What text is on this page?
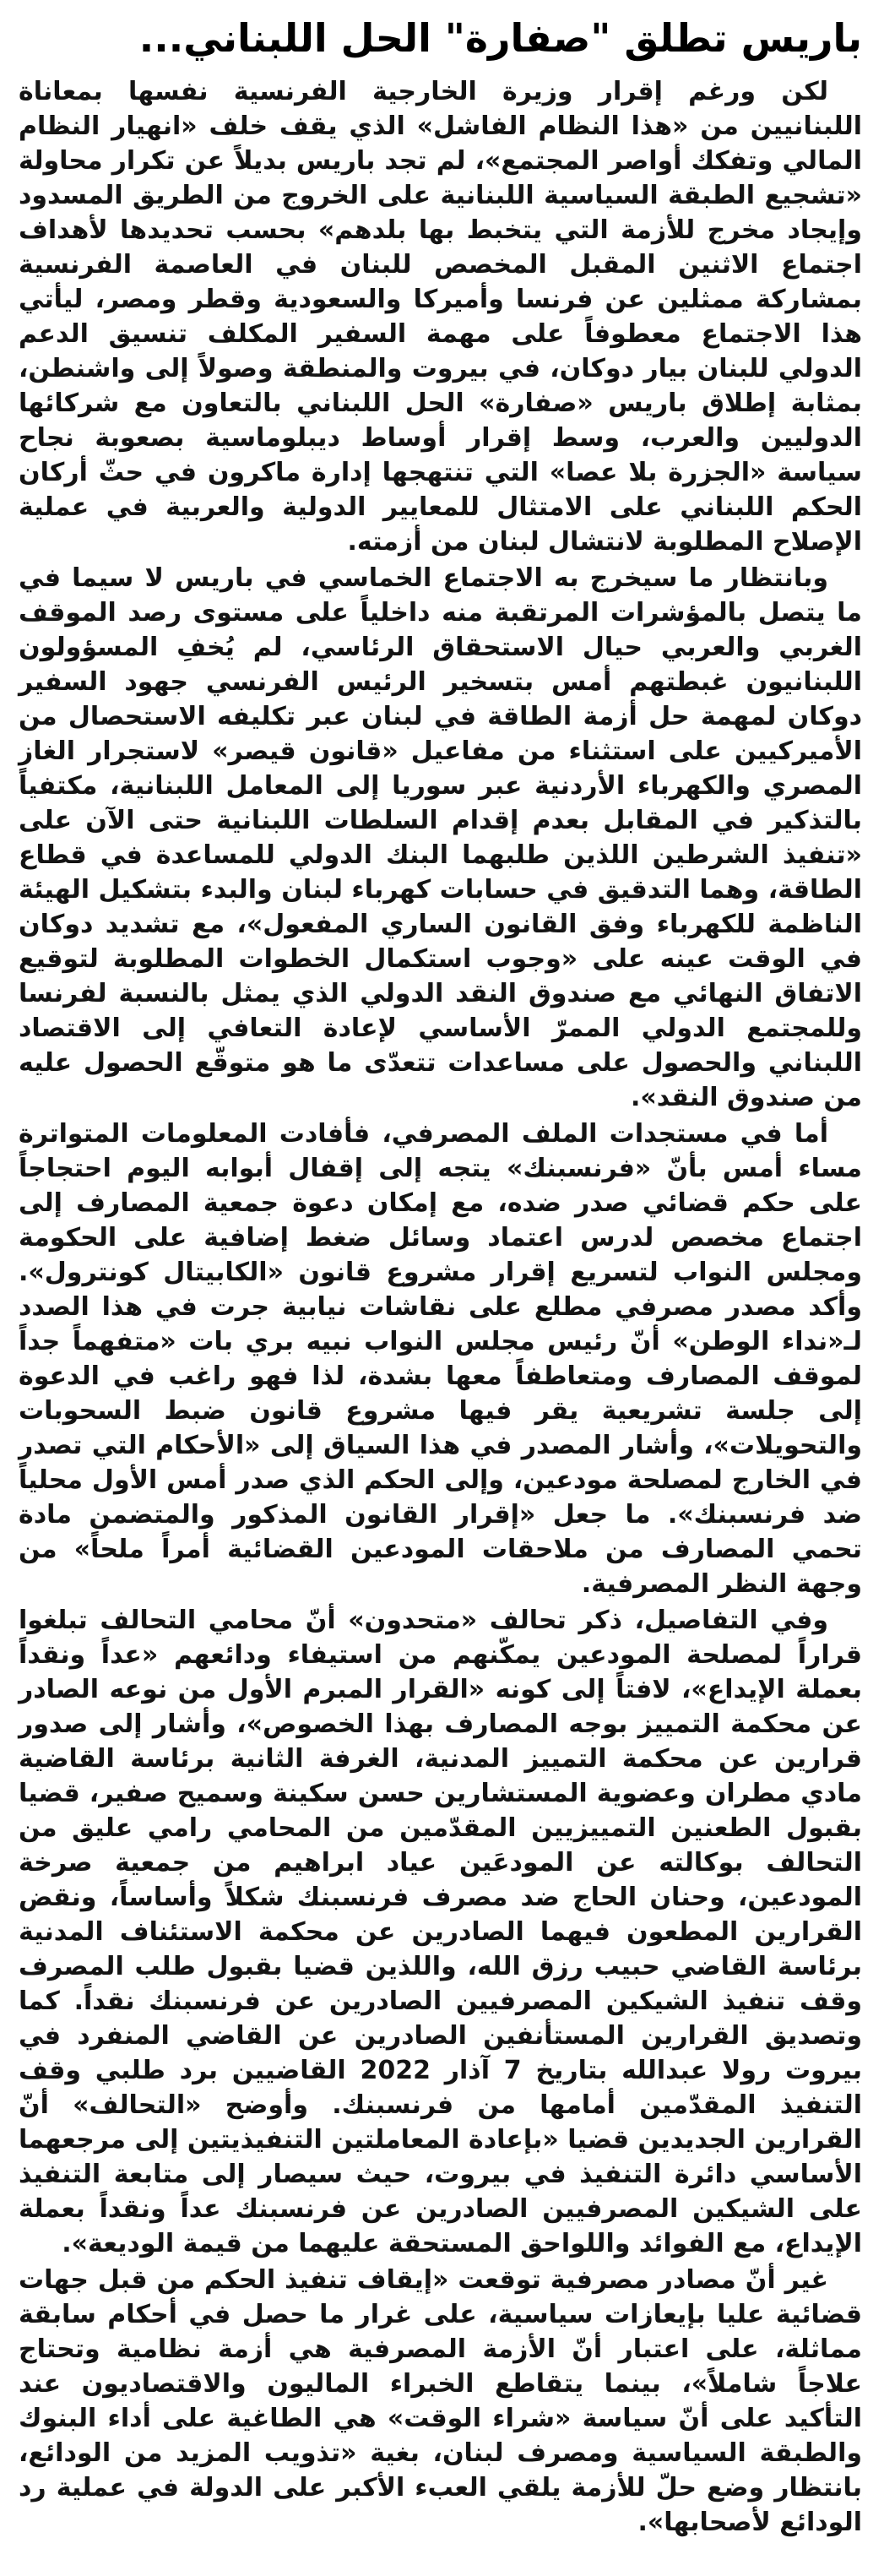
باريس تطلق "صفارة" الحل اللبناني...

لكن ورغم إقرار وزيرة الخارجية الفرنسية نفسها بمعاناة اللبنانيين من «هذا النظام الفاشل» الذي يقف خلف «انهيار النظام المالي وتفكك أواصر المجتمع»، لم تجد باريس بديلاً عن تكرار محاولة «تشجيع الطبقة السياسية اللبنانية على الخروج من الطريق المسدود وإيجاد مخرج للأزمة التي يتخبط بها بلدهم» بحسب تحديدها لأهداف اجتماع الاثنين المقبل المخصص للبنان في العاصمة الفرنسية بمشاركة ممثلين عن فرنسا وأميركا والسعودية وقطر ومصر، ليأتي هذا الاجتماع معطوفاً على مهمة السفير المكلف تنسيق الدعم الدولي للبنان بيار دوكان، في بيروت والمنطقة وصولاً إلى واشنطن، بمثابة إطلاق باريس «صفارة» الحل اللبناني بالتعاون مع شركائها الدوليين والعرب، وسط إقرار أوساط ديبلوماسية بصعوبة نجاح سياسة «الجزرة بلا عصا» التي تنتهجها إدارة ماكرون في حثّ أركان الحكم اللبناني على الامتثال للمعايير الدولية والعربية في عملية الإصلاح المطلوبة لانتشال لبنان من أزمته.

وبانتظار ما سيخرج به الاجتماع الخماسي في باريس لا سيما في ما يتصل بالمؤشرات المرتقبة منه داخلياً على مستوى رصد الموقف الغربي والعربي حيال الاستحقاق الرئاسي، لم يُخفِ المسؤولون اللبنانيون غبطتهم أمس بتسخير الرئيس الفرنسي جهود السفير دوكان لمهمة حل أزمة الطاقة في لبنان عبر تكليفه الاستحصال من الأميركيين على استثناء من مفاعيل «قانون قيصر» لاستجرار الغاز المصري والكهرباء الأردنية عبر سوريا إلى المعامل اللبنانية، مكتفياً بالتذكير في المقابل بعدم إقدام السلطات اللبنانية حتى الآن على «تنفيذ الشرطين اللذين طلبهما البنك الدولي للمساعدة في قطاع الطاقة، وهما التدقيق في حسابات كهرباء لبنان والبدء بتشكيل الهيئة الناظمة للكهرباء وفق القانون الساري المفعول»، مع تشديد دوكان في الوقت عينه على «وجوب استكمال الخطوات المطلوبة لتوقيع الاتفاق النهائي مع صندوق النقد الدولي الذي يمثل بالنسبة لفرنسا وللمجتمع الدولي الممرّ الأساسي لإعادة التعافي إلى الاقتصاد اللبناني والحصول على مساعدات تتعدّى ما هو متوقّع الحصول عليه من صندوق النقد».

أما في مستجدات الملف المصرفي، فأفادت المعلومات المتواترة مساء أمس بأنّ «فرنسبنك» يتجه إلى إقفال أبوابه اليوم احتجاجاً على حكم قضائي صدر ضده، مع إمكان دعوة جمعية المصارف إلى اجتماع مخصص لدرس اعتماد وسائل ضغط إضافية على الحكومة ومجلس النواب لتسريع إقرار مشروع قانون «الكابيتال كونترول». وأكد مصدر مصرفي مطلع على نقاشات نيابية جرت في هذا الصدد لـ«نداء الوطن» أنّ رئيس مجلس النواب نبيه بري بات «متفهماً جداً لموقف المصارف ومتعاطفاً معها بشدة، لذا فهو راغب في الدعوة إلى جلسة تشريعية يقر فيها مشروع قانون ضبط السحوبات والتحويلات»، وأشار المصدر في هذا السياق إلى «الأحكام التي تصدر في الخارج لمصلحة مودعين، وإلى الحكم الذي صدر أمس الأول محلياً ضد فرنسبنك». ما جعل «إقرار القانون المذكور والمتضمن مادة تحمي المصارف من ملاحقات المودعين القضائية أمراً ملحاً» من وجهة النظر المصرفية.

وفي التفاصيل، ذكر تحالف «متحدون» أنّ محامي التحالف تبلغوا قراراً لمصلحة المودعين يمكّنهم من استيفاء ودائعهم «عداً ونقداً بعملة الإيداع»، لافتاً إلى كونه «القرار المبرم الأول من نوعه الصادر عن محكمة التمييز بوجه المصارف بهذا الخصوص»، وأشار إلى صدور قرارين عن محكمة التمييز المدنية، الغرفة الثانية برئاسة القاضية مادي مطران وعضوية المستشارين حسن سكينة وسميح صفير، قضيا بقبول الطعنين التمييزيين المقدّمين من المحامي رامي عليق من التحالف بوكالته عن المودعَين عياد ابراهيم من جمعية صرخة المودعين، وحنان الحاج ضد مصرف فرنسبنك شكلاً وأساساً، ونقض القرارين المطعون فيهما الصادرين عن محكمة الاستئناف المدنية برئاسة القاضي حبيب رزق الله، واللذين قضيا بقبول طلب المصرف وقف تنفيذ الشيكين المصرفيين الصادرين عن فرنسبنك نقداً. كما وتصديق القرارين المستأنفين الصادرين عن القاضي المنفرد في بيروت رولا عبدالله بتاريخ 7 آذار 2022 القاضيين برد طلبي وقف التنفيذ المقدّمين أمامها من فرنسبنك. وأوضح «التحالف» أنّ القرارين الجديدين قضيا «بإعادة المعاملتين التنفيذيتين إلى مرجعهما الأساسي دائرة التنفيذ في بيروت، حيث سيصار إلى متابعة التنفيذ على الشيكين المصرفيين الصادرين عن فرنسبنك عداً ونقداً بعملة الإيداع، مع الفوائد واللواحق المستحقة عليهما من قيمة الوديعة».

غير أنّ مصادر مصرفية توقعت «إيقاف تنفيذ الحكم من قبل جهات قضائية عليا بإيعازات سياسية، على غرار ما حصل في أحكام سابقة مماثلة، على اعتبار أنّ الأزمة المصرفية هي أزمة نظامية وتحتاج علاجاً شاملاً»، بينما يتقاطع الخبراء الماليون والاقتصاديون عند التأكيد على أنّ سياسة «شراء الوقت» هي الطاغية على أداء البنوك والطبقة السياسية ومصرف لبنان، بغية «تذويب المزيد من الودائع، بانتظار وضع حلّ للأزمة يلقي العبء الأكبر على الدولة في عملية رد الودائع لأصحابها».
